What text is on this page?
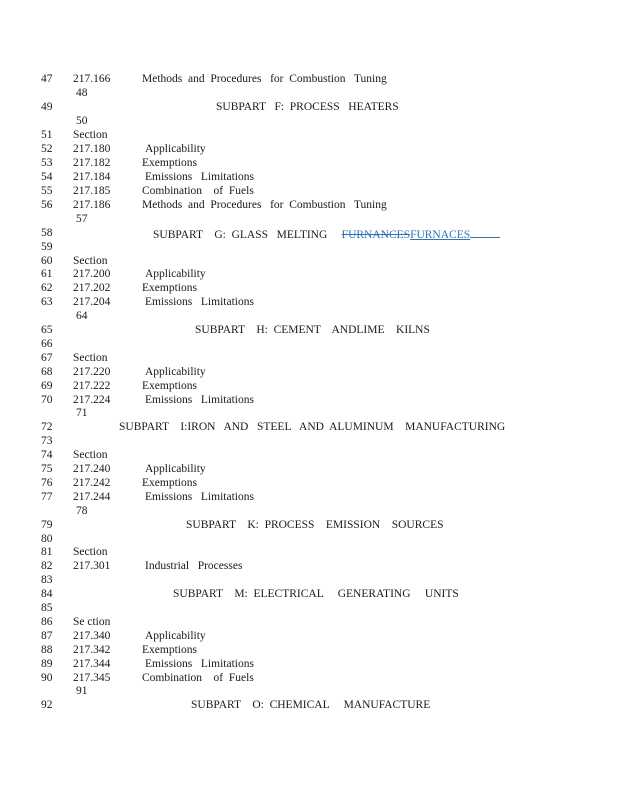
47 217.166	Methods  and  Procedures   for  Combustion   Tuning
48
49	SUBPART   F:  PROCESS   HEATERS
50
51 Section
52 217.180	Applicability
53 217.182	Exemptions
54 217.184	Emissions   Limitations
55 217.185	Combination    of  Fuels
56 217.186	Methods  and  Procedures   for  Combustion   Tuning
57
58	SUBPART    G:  GLASS   MELTING FURNANCESFURNACES
59
60 Section
61 217.200	Applicability
62 217.202	Exemptions
63 217.204	Emissions   Limitations
64
65	SUBPART    H:  CEMENT    ANDLIME    KILNS
66
67 Section
68 217.220	Applicability
69 217.222	Exemptions
70 217.224	Emissions   Limitations
71
72	SUBPART    I:IRON   AND   STEEL   AND  ALUMINUM    MANUFACTURING
73
74 Section
75 217.240	Applicability
76 217.242	Exemptions
77 217.244	Emissions   Limitations
78
79	SUBPART    K:  PROCESS    EMISSION    SOURCES
80
81 Section
82 217.301	Industrial   Processes
83
84	SUBPART    M:  ELECTRICAL     GENERATING     UNITS
85
86 Se ction
87 217.340	Applicability
88 217.342	Exemptions
89 217.344	Emissions   Limitations
90 217.345	Combination    of  Fuels
91
92	SUBPART    O:  CHEMICAL     MANUFACTURE
